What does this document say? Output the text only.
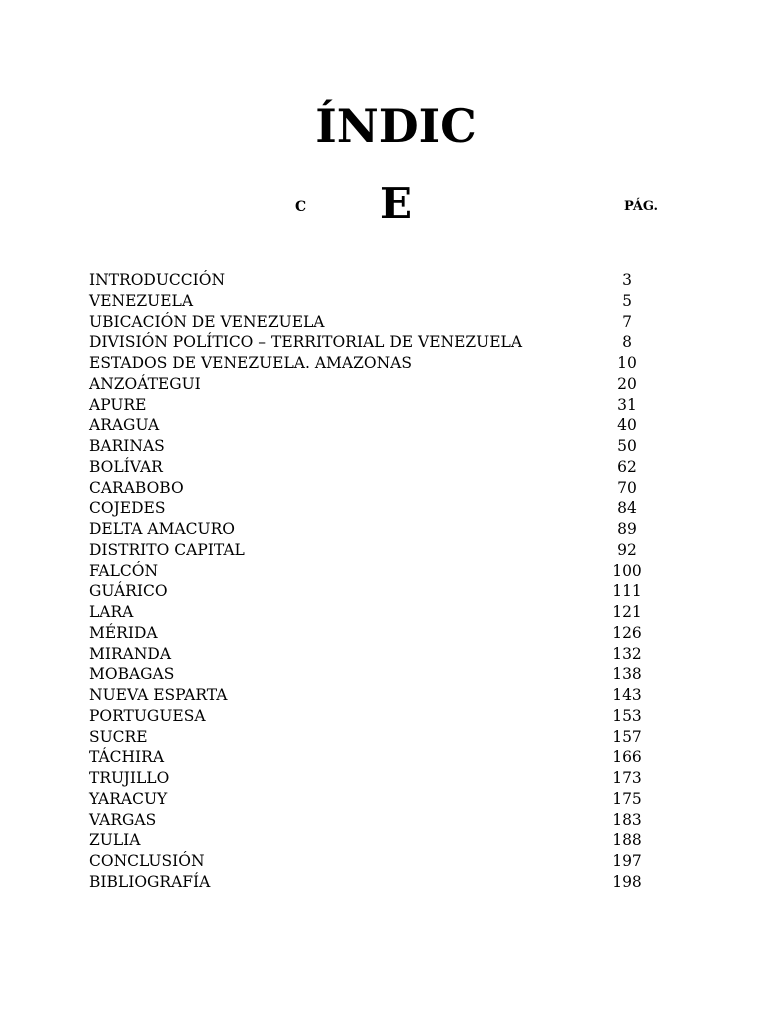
ÍNDIC
C E	PÁG.
INTRODUCCIÓN	3
VENEZUELA	5
UBICACIÓN DE VENEZUELA	7
DIVISIÓN POLÍTICO – TERRITORIAL DE VENEZUELA	8
ESTADOS DE VENEZUELA. AMAZONAS	10
ANZOÁTEGUI	20
APURE	31
ARAGUA	40
BARINAS	50
BOLÍVAR	62
CARABOBO	70
COJEDES	84
DELTA AMACURO	89
DISTRITO CAPITAL	92
FALCÓN	100
GUÁRICO	111
LARA	121
MÉRIDA	126
MIRANDA	132
MOBAGAS	138
NUEVA ESPARTA	143
PORTUGUESA	153
SUCRE	157
TÁCHIRA	166
TRUJILLO	173
YARACUY	175
VARGAS	183
ZULIA	188
CONCLUSIÓN	197
BIBLIOGRAFÍA	198
